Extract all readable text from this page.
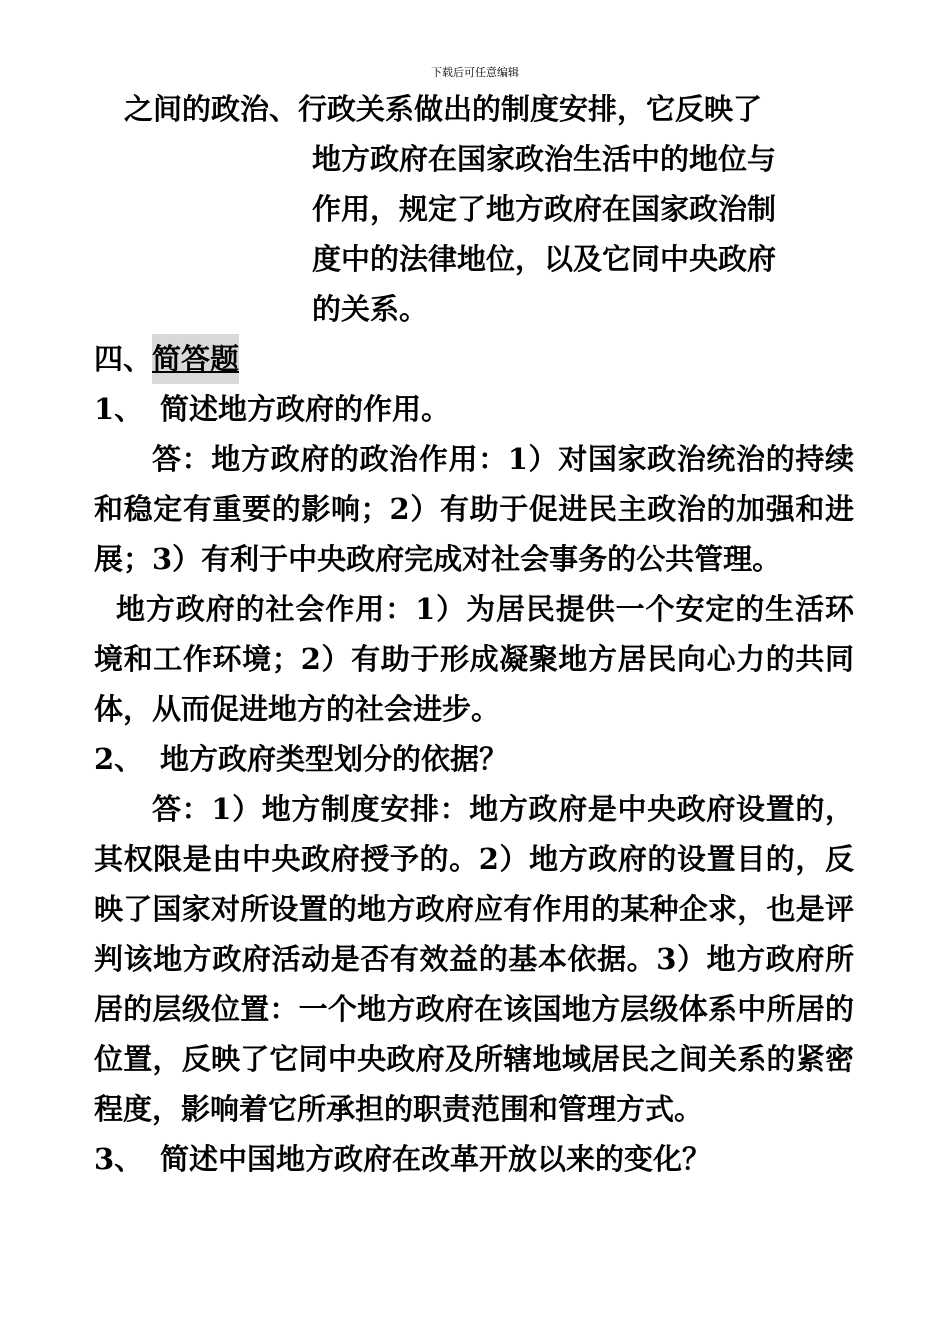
下载后可任意编辑
之间的政治、行政关系做出的制度安排，它反映了
地方政府在国家政治生活中的地位与
作用，规定了地方政府在国家政治制
度中的法律地位，以及它同中央政府
的关系。
四、简答题
1、 简述地方政府的作用。
答：地方政府的政治作用：1）对国家政治统治的持续和稳定有重要的影响；2）有助于促进民主政治的加强和进展；3）有利于中央政府完成对社会事务的公共管理。
地方政府的社会作用：1）为居民提供一个安定的生活环境和工作环境；2）有助于形成凝聚地方居民向心力的共同体，从而促进地方的社会进步。
2、 地方政府类型划分的依据？
答：1）地方制度安排：地方政府是中央政府设置的，其权限是由中央政府授予的。2）地方政府的设置目的，反映了国家对所设置的地方政府应有作用的某种企求，也是评判该地方政府活动是否有效益的基本依据。3）地方政府所居的层级位置：一个地方政府在该国地方层级体系中所居的位置，反映了它同中央政府及所辖地域居民之间关系的紧密程度，影响着它所承担的职责范围和管理方式。
3、 简述中国地方政府在改革开放以来的变化？
